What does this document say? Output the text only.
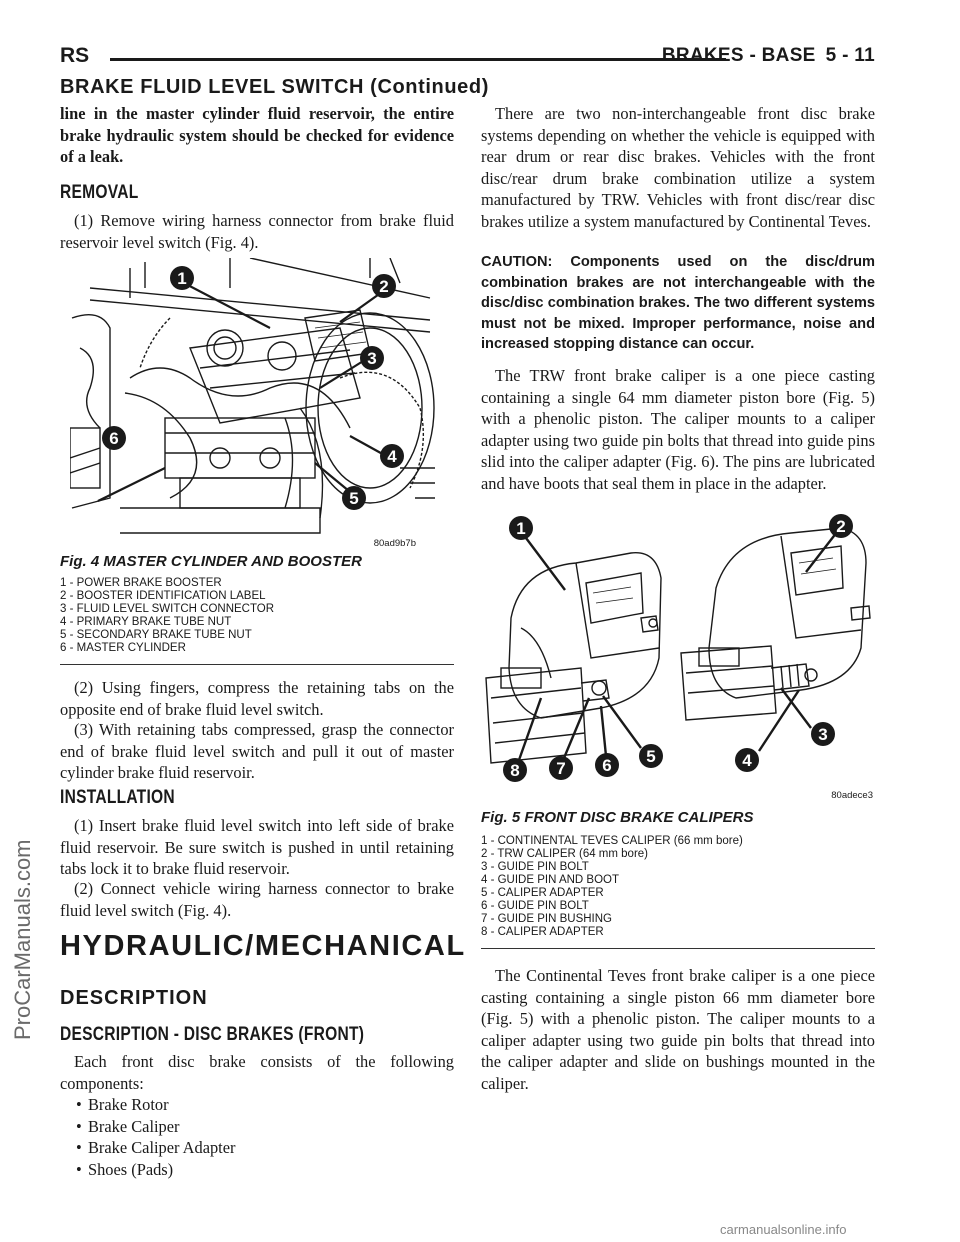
RS	BRAKES - BASE 5 - 11
BRAKE FLUID LEVEL SWITCH (Continued)

line in the master cylinder fluid reservoir, the entire brake hydraulic system should be checked for evidence of a leak.

REMOVAL

(1) Remove wiring harness connector from brake fluid reservoir level switch (Fig. 4).

1	2
3
4
5
6
80ad9b7b
Fig. 4 MASTER CYLINDER AND BOOSTER
1 - POWER BRAKE BOOSTER
2 - BOOSTER IDENTIFICATION LABEL
3 - FLUID LEVEL SWITCH CONNECTOR
4 - PRIMARY BRAKE TUBE NUT
5 - SECONDARY BRAKE TUBE NUT
6 - MASTER CYLINDER

(2) Using fingers, compress the retaining tabs on the opposite end of brake fluid level switch.

(3) With retaining tabs compressed, grasp the connector end of brake fluid level switch and pull it out of master cylinder brake fluid reservoir.

INSTALLATION

(1) Insert brake fluid level switch into left side of brake fluid reservoir. Be sure switch is pushed in until retaining tabs lock it to brake fluid reservoir.

(2) Connect vehicle wiring harness connector to brake fluid level switch (Fig. 4).

HYDRAULIC/MECHANICAL
DESCRIPTION
DESCRIPTION - DISC BRAKES (FRONT)

Each front disc brake consists of the following components:

• Brake Rotor
• Brake Caliper
• Brake Caliper Adapter
• Shoes (Pads)

There are two non-interchangeable front disc brake systems depending on whether the vehicle is equipped with rear drum or rear disc brakes. Vehicles with the front disc/rear drum brake combination utilize a system manufactured by TRW. Vehicles with front disc/rear disc brakes utilize a system manufactured by Continental Teves.

CAUTION: Components used on the disc/drum combination brakes are not interchangeable with the disc/disc combination brakes. The two different systems must not be mixed. Improper performance, noise and increased stopping distance can occur.

The TRW front brake caliper is a one piece casting containing a single 64 mm diameter piston bore (Fig. 5) with a phenolic piston. The caliper mounts to a caliper adapter using two guide pin bolts that thread into guide pins slid into the caliper adapter (Fig. 6). The pins are lubricated and have boots that seal them in place in the adapter.

1	2
3
4
5
6
7
8
80adece3
Fig. 5 FRONT DISC BRAKE CALIPERS
1 - CONTINENTAL TEVES CALIPER (66 mm bore)
2 - TRW CALIPER (64 mm bore)
3 - GUIDE PIN BOLT
4 - GUIDE PIN AND BOOT
5 - CALIPER ADAPTER
6 - GUIDE PIN BOLT
7 - GUIDE PIN BUSHING
8 - CALIPER ADAPTER

The Continental Teves front brake caliper is a one piece casting containing a single piston 66 mm diameter bore (Fig. 5) with a phenolic piston. The caliper mounts to a caliper adapter using two guide pin bolts that thread into the caliper adapter and slide on bushings mounted in the caliper.

ProCarManuals.com
carmanualsonline.info
